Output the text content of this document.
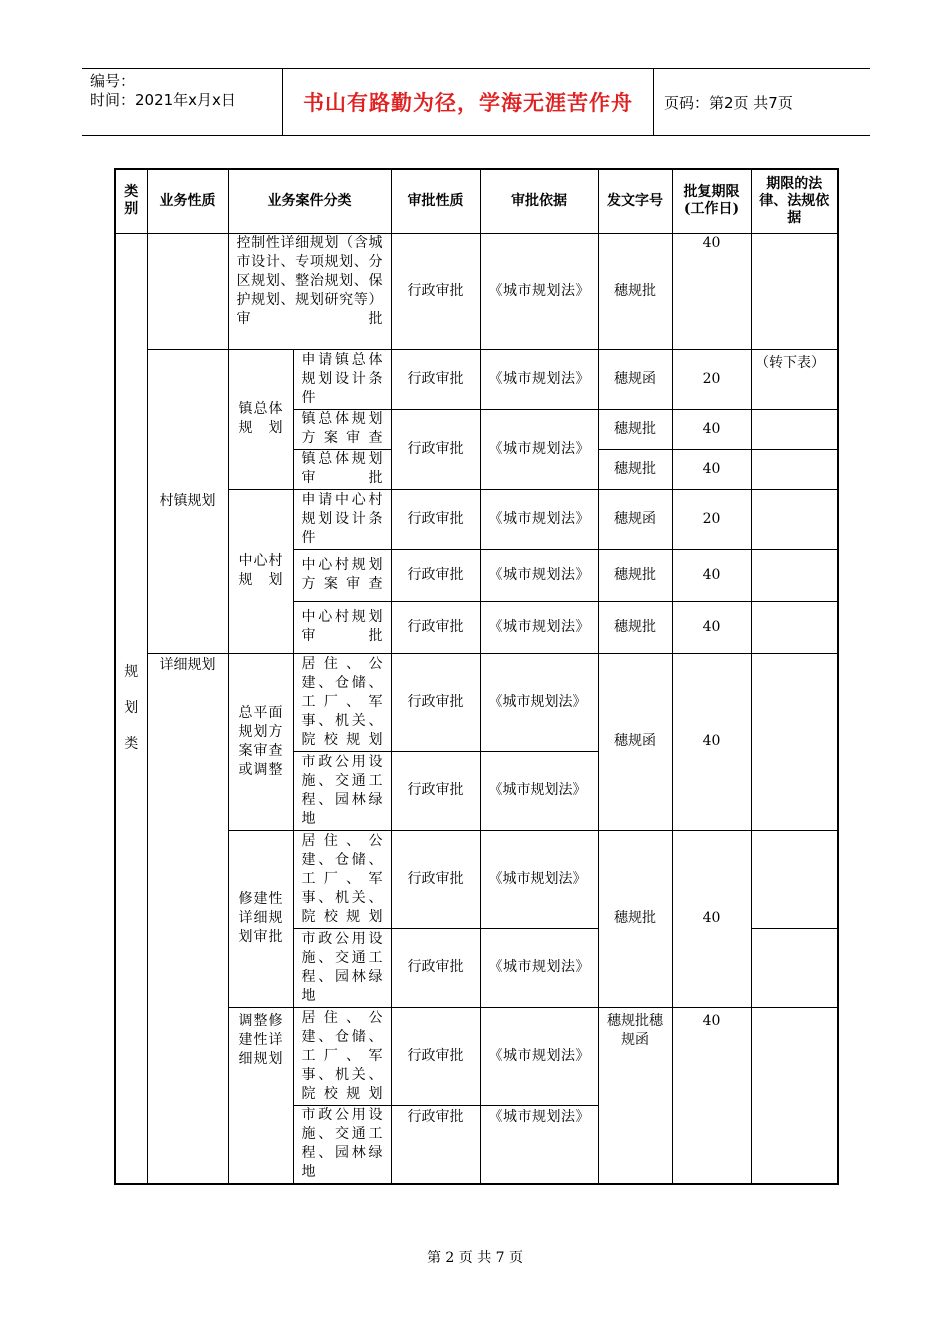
编号：
时间：2021年x月x日	书山有路勤为径，学海无涯苦作舟	页码：第2页 共7页
类别	业务性质	业务案件分类		审批性质	审批依据	发文字号	批复期限(工作日)	期限的法律、法规依据
规划类		控制性详细规划（含城市设计、专项规划、分区规划、整治规划、保护规划、规划研究等）审批		行政审批	《城市规划法》	穗规批	40	
	村镇规划	镇总体规划	申请镇总体规划设计条件	行政审批	《城市规划法》	穗规函	20	（转下表）

			镇总体规划方案审查	行政审批	《城市规划法》	穗规批	40	
			镇总体规划审批			穗规批	40	
		中心村规划	申请中心村规划设计条件	行政审批	《城市规划法》	穗规函	20	
			中心村规划方案审查	行政审批	《城市规划法》	穗规批	40	
			中心村规划审批	行政审批	《城市规划法》	穗规批	40	
	详细规划	总平面规划方案审查或调整	居住、公建、仓储、工厂、军事、机关、院校规划	行政审批	《城市规划法》	穗规函	40	
			市政公用设施、交通工程、园林绿地	行政审批	《城市规划法》			
		修建性详细规划审批	居住、公建、仓储、工厂、军事、机关、院校规划	行政审批	《城市规划法》	穗规批	40	
			市政公用设施、交通工程、园林绿地	行政审批	《城市规划法》			
		调整修建性详细规划	居住、公建、仓储、工厂、军事、机关、院校规划	行政审批	《城市规划法》	穗规批穗规函	40	
			市政公用设施、交通工程、园林绿地	行政审批	《城市规划法》			
第 2 页 共 7 页
